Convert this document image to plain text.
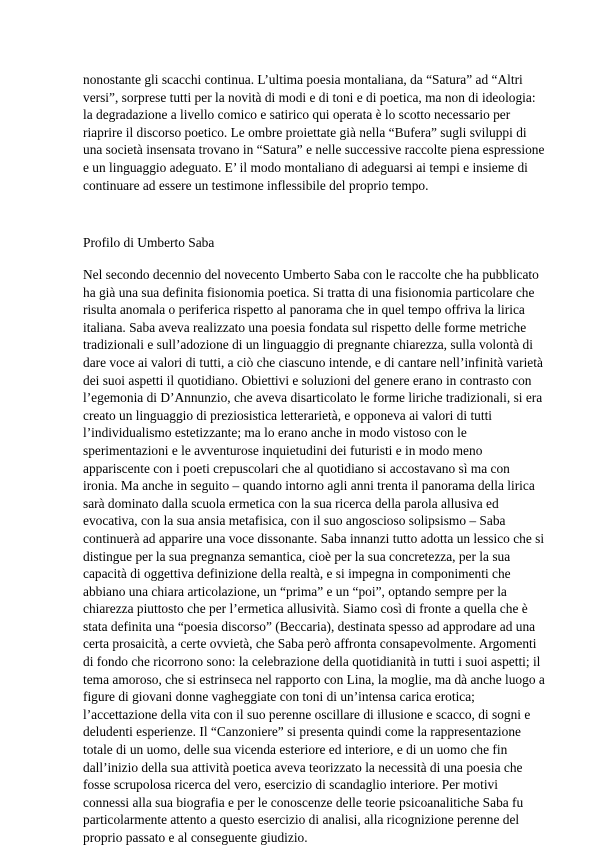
nonostante gli scacchi continua. L’ultima poesia montaliana, da “Satura” ad “Altri versi”, sorprese tutti per la novità di modi e di toni e di poetica, ma non di ideologia: la degradazione a livello comico e satirico qui operata è lo scotto necessario per riaprire il discorso poetico. Le ombre proiettate già nella “Bufera” sugli sviluppi di una società insensata trovano in “Satura” e nelle successive raccolte piena espressione e un linguaggio adeguato. E’ il modo montaliano di adeguarsi ai tempi e insieme di continuare ad essere un testimone inflessibile del proprio tempo.

Profilo di Umberto Saba

Nel secondo decennio del novecento Umberto Saba con le raccolte che ha pubblicato ha già una sua definita fisionomia poetica. Si tratta di una fisionomia particolare che risulta anomala o periferica rispetto al panorama che in quel tempo offriva la lirica italiana. Saba aveva realizzato una poesia fondata sul rispetto delle forme metriche tradizionali e sull’adozione di un linguaggio di pregnante chiarezza, sulla volontà di dare voce ai valori di tutti, a ciò che ciascuno intende, e di cantare nell’infinità varietà dei suoi aspetti il quotidiano. Obiettivi e soluzioni del genere erano in contrasto con l’egemonia di D’Annunzio, che aveva disarticolato le forme liriche tradizionali, si era creato un linguaggio di preziosistica letterarietà, e opponeva ai valori di tutti l’individualismo estetizzante; ma lo erano anche in modo vistoso con le sperimentazioni e le avventurose inquietudini dei futuristi e in modo meno appariscente con i poeti crepuscolari che al quotidiano si accostavano sì ma con ironia. Ma anche in seguito – quando intorno agli anni trenta il panorama della lirica sarà dominato dalla scuola ermetica con la sua ricerca della parola allusiva ed evocativa, con la sua ansia metafisica, con il suo angoscioso solipsismo – Saba continuerà ad apparire una voce dissonante. Saba innanzi tutto adotta un lessico che si distingue per la sua pregnanza semantica, cioè per la sua concretezza, per la sua capacità di oggettiva definizione della realtà, e si impegna in componimenti che abbiano una chiara articolazione, un “prima” e un “poi”, optando sempre per la chiarezza piuttosto che per l’ermetica allusività. Siamo così di fronte a quella che è stata definita una “poesia discorso” (Beccaria), destinata spesso ad approdare ad una certa prosaicità, a certe ovvietà, che Saba però affronta consapevolmente. Argomenti di fondo che ricorrono sono: la celebrazione della quotidianità in tutti i suoi aspetti; il tema amoroso, che si estrinseca nel rapporto con Lina, la moglie, ma dà anche luogo a figure di giovani donne vagheggiate con toni di un’intensa carica erotica; l’accettazione della vita con il suo perenne oscillare di illusione e scacco, di sogni e deludenti esperienze. Il “Canzoniere” si presenta quindi come la rappresentazione totale di un uomo, delle sua vicenda esteriore ed interiore, e di un uomo che fin dall’inizio della sua attività poetica aveva teorizzato la necessità di una poesia che fosse scrupolosa ricerca del vero, esercizio di scandaglio interiore. Per motivi connessi alla sua biografia e per le conoscenze delle teorie psicoanalitiche Saba fu particolarmente attento a questo esercizio di analisi, alla ricognizione perenne del proprio passato e al conseguente giudizio.
